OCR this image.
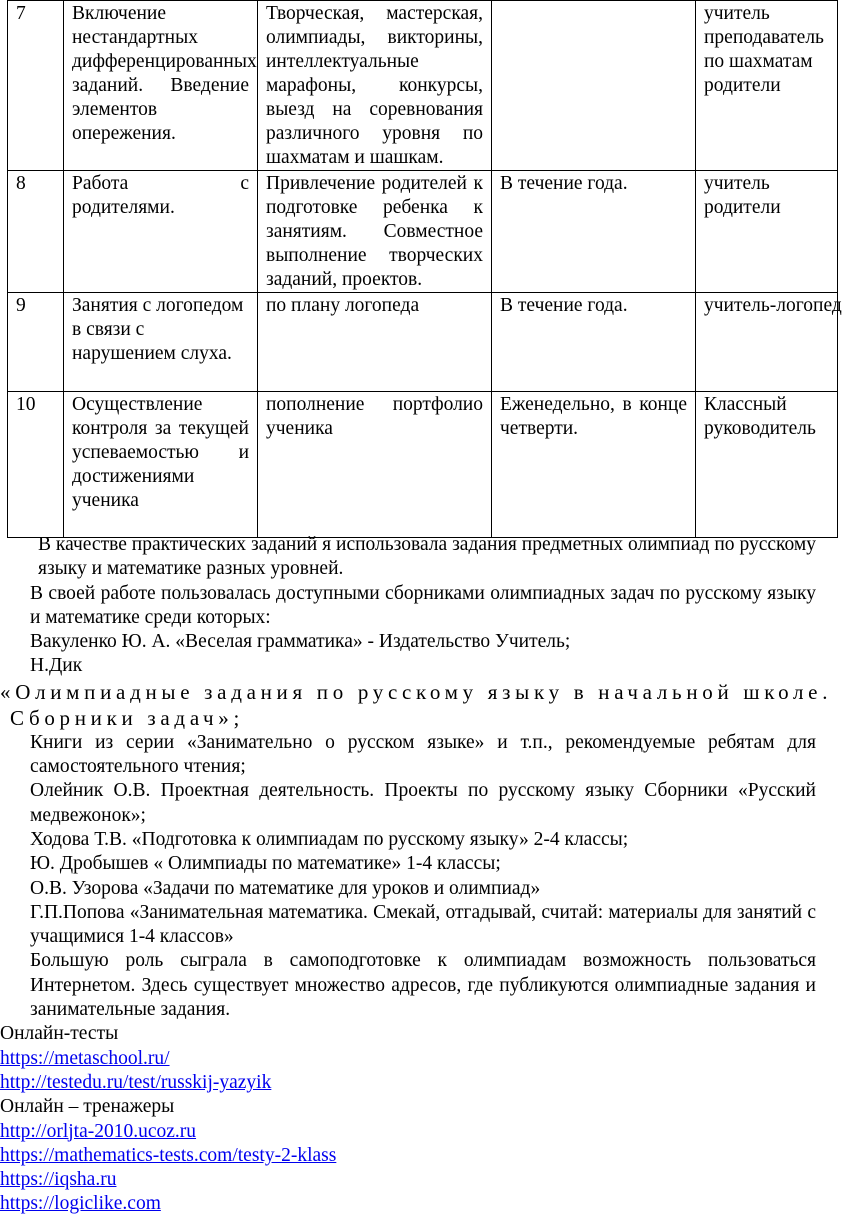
7	Включение нестандартных дифференцированных заданий. Введение элементов опережения.	Творческая, мастерская, олимпиады, викторины, интеллектуальные марафоны, конкурсы, выезд на соревнования различного уровня по шахматам и шашкам.		учитель преподаватель по шахматам родители
8	Работа с родителями.	Привлечение родителей к подготовке ребенка к занятиям. Совместное выполнение творческих заданий, проектов.	В течение года.	учитель родители
9	Занятия с логопедом в связи с нарушением слуха.	по плану логопеда	В течение года.	учитель-логопед
10	Осуществление контроля за текущей успеваемостью и достижениями ученика	пополнение портфолио ученика	Еженедельно, в конце четверти.	Классный руководитель

В качестве практических заданий я использовала задания предметных олимпиад по русскому языку и математике разных уровней.

В своей работе пользовалась доступными сборниками олимпиадных задач по русскому языку и математике среди которых:

Вакуленко Ю. А. «Веселая грамматика» - Издательство Учитель;

Н.Дик

«Олимпиадные задания по русскому языку в начальной школе.

Сборники задач»;

Книги из серии «Занимательно о русском языке» и т.п., рекомендуемые ребятам для самостоятельного чтения;

Олейник О.В. Проектная деятельность. Проекты по русскому языку Сборники «Русский медвежонок»;

Ходова Т.В. «Подготовка к олимпиадам по русскому языку» 2-4 классы;

Ю. Дробышев « Олимпиады по математике» 1-4 классы;

О.В. Узорова «Задачи по математике для уроков и олимпиад»

Г.П.Попова «Занимательная математика. Смекай, отгадывай, считай: материалы для занятий с учащимися 1-4 классов»

Большую роль сыграла в самоподготовке к олимпиадам возможность пользоваться Интернетом. Здесь существует множество адресов, где публикуются олимпиадные задания и занимательные задания.

Онлайн-тесты
https://metaschool.ru/
http://testedu.ru/test/russkij-yazyik
Онлайн – тренажеры
http://orljta-2010.ucoz.ru
https://mathematics-tests.com/testy-2-klass
https://iqsha.ru
https://logiclike.com
